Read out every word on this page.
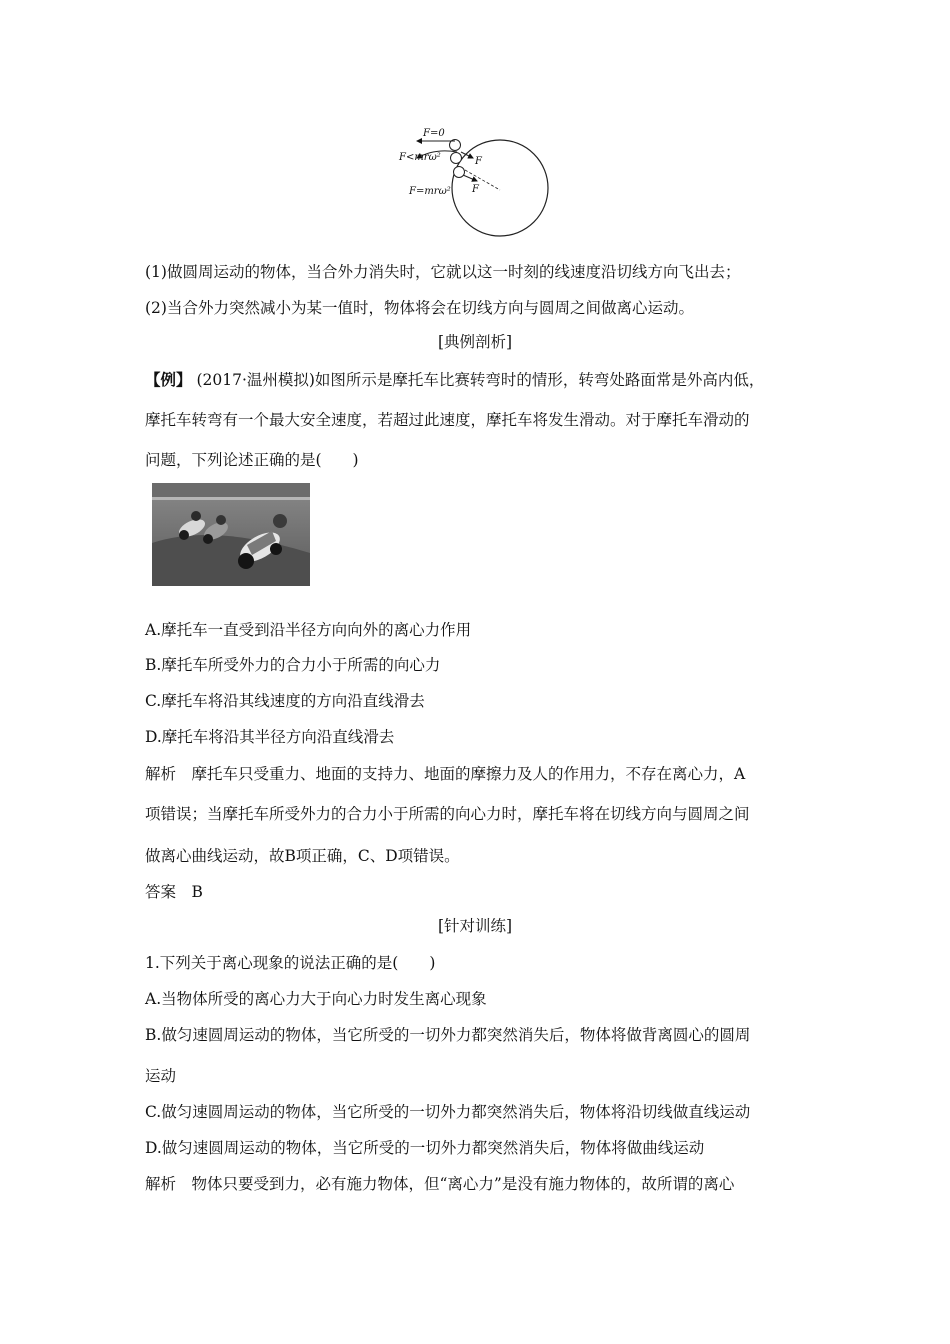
F=0
F<mrω²
F=mrω²
F
F
(1)做圆周运动的物体，当合外力消失时，它就以这一时刻的线速度沿切线方向飞出去；
(2)当合外力突然减小为某一值时，物体将会在切线方向与圆周之间做离心运动。
[典例剖析]
【例】 (2017·温州模拟)如图所示是摩托车比赛转弯时的情形，转弯处路面常是外高内低，
摩托车转弯有一个最大安全速度，若超过此速度，摩托车将发生滑动。对于摩托车滑动的
问题，下列论述正确的是(　　)
A.摩托车一直受到沿半径方向向外的离心力作用
B.摩托车所受外力的合力小于所需的向心力
C.摩托车将沿其线速度的方向沿直线滑去
D.摩托车将沿其半径方向沿直线滑去
解析　摩托车只受重力、地面的支持力、地面的摩擦力及人的作用力，不存在离心力，A
项错误；当摩托车所受外力的合力小于所需的向心力时，摩托车将在切线方向与圆周之间
做离心曲线运动，故B项正确，C、D项错误。
答案　B
[针对训练]
1.下列关于离心现象的说法正确的是(　　)
A.当物体所受的离心力大于向心力时发生离心现象
B.做匀速圆周运动的物体，当它所受的一切外力都突然消失后，物体将做背离圆心的圆周
运动
C.做匀速圆周运动的物体，当它所受的一切外力都突然消失后，物体将沿切线做直线运动
D.做匀速圆周运动的物体，当它所受的一切外力都突然消失后，物体将做曲线运动
解析　物体只要受到力，必有施力物体，但“离心力”是没有施力物体的，故所谓的离心
